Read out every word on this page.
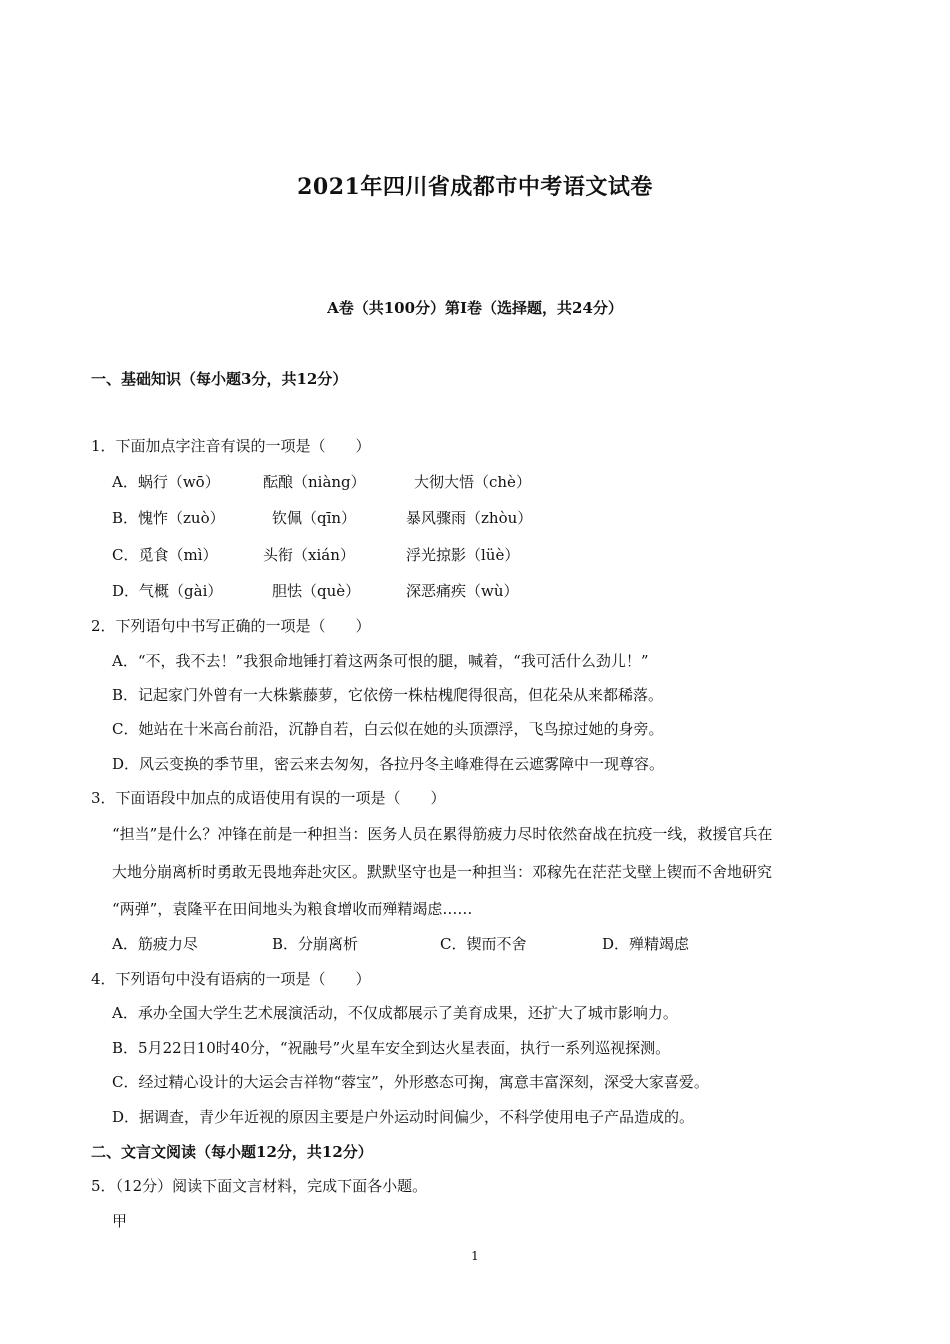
2021年四川省成都市中考语文试卷
A卷（共100分）第Ⅰ卷（选择题，共24分）
一、基础知识（每小题3分，共12分）
1．下面加点字注音有误的一项是（　　）
A．蜗行（wō）	酝酿（niàng）	大彻大悟（chè）
B．愧怍（zuò）	钦佩（qīn）	暴风骤雨（zhòu）
C．觅食（mì）	头衔（xián）	浮光掠影（lüè）
D．气概（gài）	胆怯（què）	深恶痛疾（wù）
2．下列语句中书写正确的一项是（　　）
A．“不，我不去！”我狠命地锤打着这两条可恨的腿，喊着，“我可活什么劲儿！”
B．记起家门外曾有一大株紫藤萝，它依傍一株枯槐爬得很高，但花朵从来都稀落。
C．她站在十米高台前沿，沉静自若，白云似在她的头顶漂浮，飞鸟掠过她的身旁。
D．风云变换的季节里，密云来去匆匆，各拉丹冬主峰难得在云遮雾障中一现尊容。
3．下面语段中加点的成语使用有误的一项是（　　）
“担当”是什么？冲锋在前是一种担当：医务人员在累得筋疲力尽时依然奋战在抗疫一线，救援官兵在
大地分崩离析时勇敢无畏地奔赴灾区。默默坚守也是一种担当：邓稼先在茫茫戈壁上锲而不舍地研究
“两弹”，袁隆平在田间地头为粮食增收而殚精竭虑……
A．筋疲力尽	B．分崩离析	C．锲而不舍	D．殚精竭虑
4．下列语句中没有语病的一项是（　　）
A．承办全国大学生艺术展演活动，不仅成都展示了美育成果，还扩大了城市影响力。
B．5月22日10时40分，“祝融号”火星车安全到达火星表面，执行一系列巡视探测。
C．经过精心设计的大运会吉祥物“蓉宝”，外形憨态可掬，寓意丰富深刻，深受大家喜爱。
D．据调查，青少年近视的原因主要是户外运动时间偏少，不科学使用电子产品造成的。
二、文言文阅读（每小题12分，共12分）
5．（12分）阅读下面文言材料，完成下面各小题。
甲
1
